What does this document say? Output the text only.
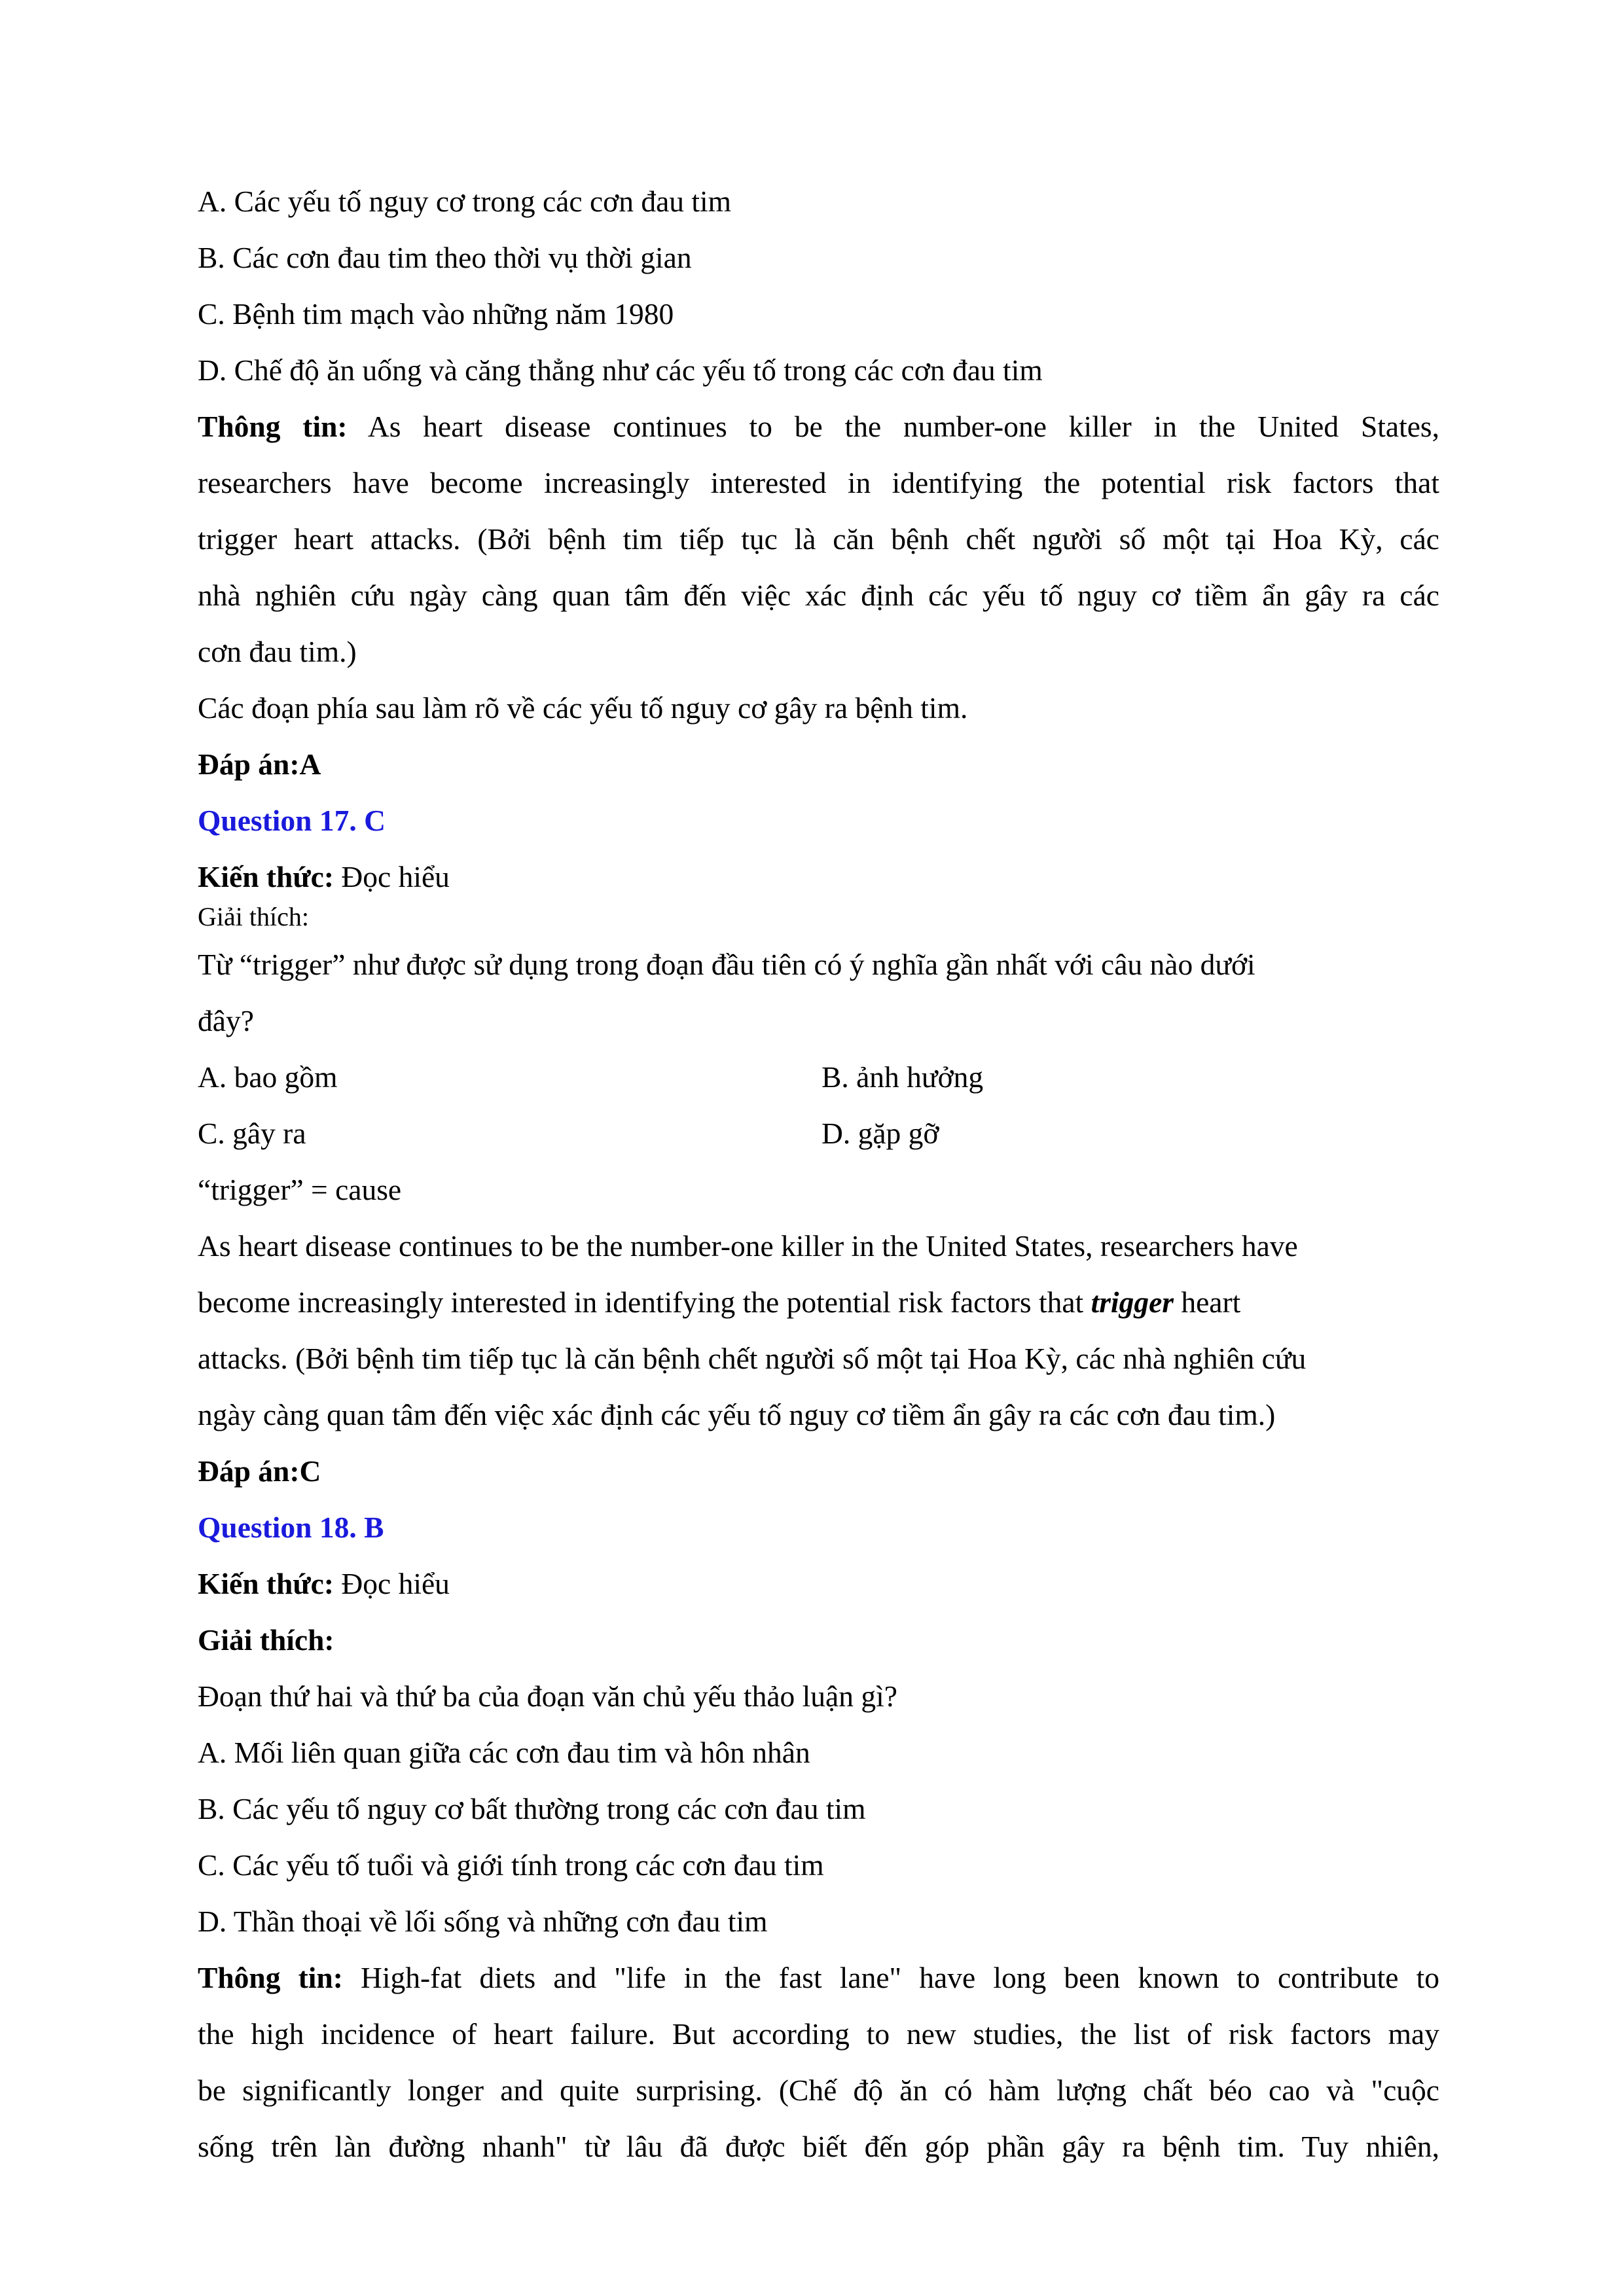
A. Các yếu tố nguy cơ trong các cơn đau tim
B. Các cơn đau tim theo thời vụ thời gian
C. Bệnh tim mạch vào những năm 1980
D. Chế độ ăn uống và căng thẳng như các yếu tố trong các cơn đau tim
Thông tin: As heart disease continues to be the number-one killer in the United States,
researchers have become increasingly interested in identifying the potential risk factors that
trigger heart attacks. (Bởi bệnh tim tiếp tục là căn bệnh chết người số một tại Hoa Kỳ, các
nhà nghiên cứu ngày càng quan tâm đến việc xác định các yếu tố nguy cơ tiềm ẩn gây ra các
cơn đau tim.)
Các đoạn phía sau làm rõ về các yếu tố nguy cơ gây ra bệnh tim.
Đáp án:A
Question 17. C
Kiến thức: Đọc hiểu
Giải thích:
Từ “trigger” như được sử dụng trong đoạn đầu tiên có ý nghĩa gần nhất với câu nào dưới
đây?
A. bao gồm	B. ảnh hưởng
C. gây ra	D. gặp gỡ
“trigger” = cause
As heart disease continues to be the number-one killer in the United States, researchers have
become increasingly interested in identifying the potential risk factors that trigger heart
attacks. (Bởi bệnh tim tiếp tục là căn bệnh chết người số một tại Hoa Kỳ, các nhà nghiên cứu
ngày càng quan tâm đến việc xác định các yếu tố nguy cơ tiềm ẩn gây ra các cơn đau tim.)
Đáp án:C
Question 18. B
Kiến thức: Đọc hiểu
Giải thích:
Đoạn thứ hai và thứ ba của đoạn văn chủ yếu thảo luận gì?
A. Mối liên quan giữa các cơn đau tim và hôn nhân
B. Các yếu tố nguy cơ bất thường trong các cơn đau tim
C. Các yếu tố tuổi và giới tính trong các cơn đau tim
D. Thần thoại về lối sống và những cơn đau tim
Thông tin: High-fat diets and "life in the fast lane" have long been known to contribute to
the high incidence of heart failure. But according to new studies, the list of risk factors may
be significantly longer and quite surprising. (Chế độ ăn có hàm lượng chất béo cao và "cuộc
sống trên làn đường nhanh" từ lâu đã được biết đến góp phần gây ra bệnh tim. Tuy nhiên,
